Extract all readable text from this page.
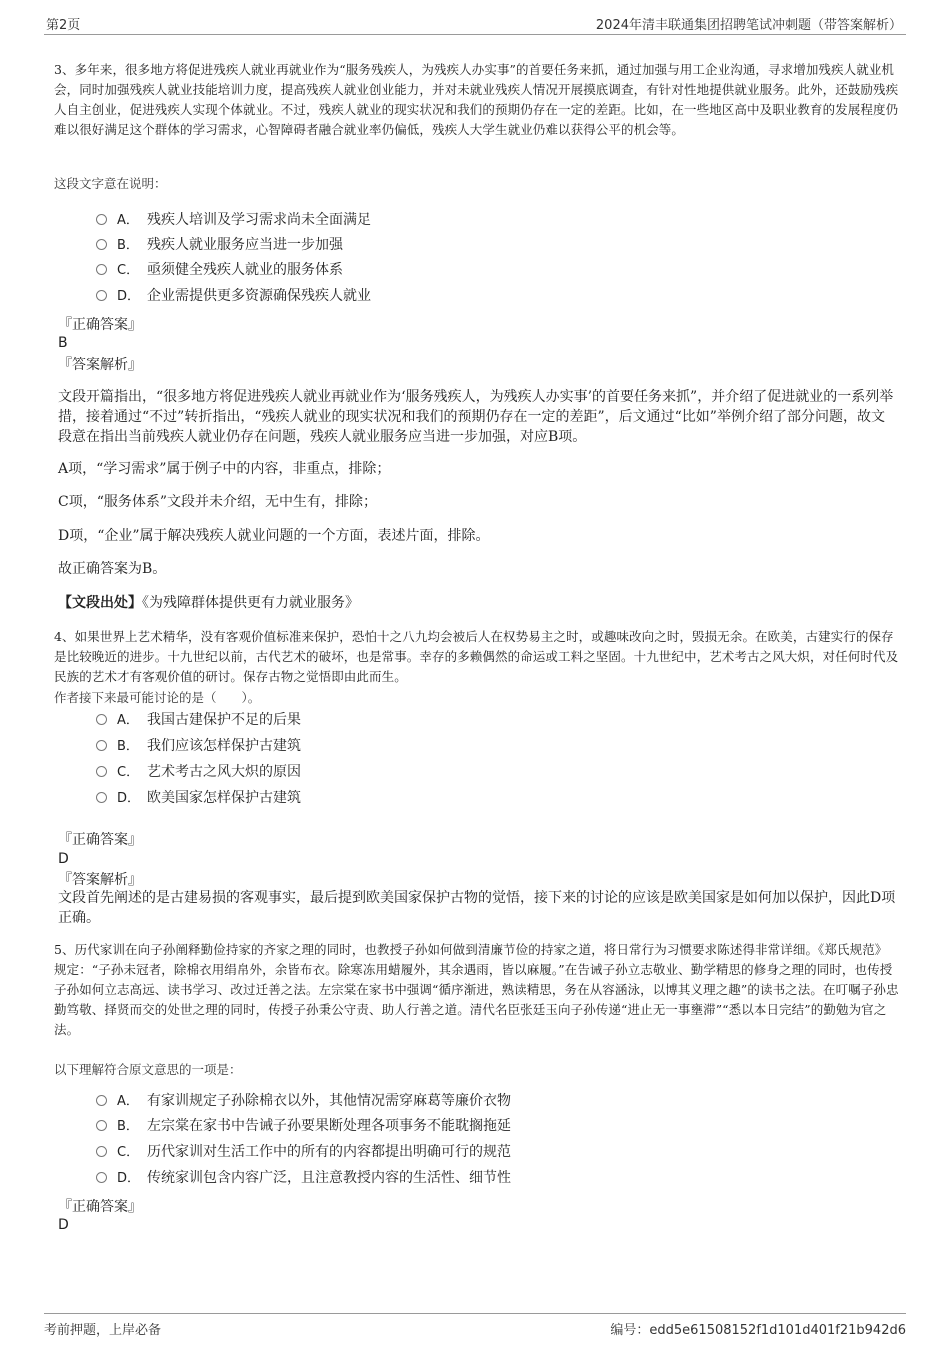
第2页	2024年清丰联通集团招聘笔试冲刺题（带答案解析）
3、多年来，很多地方将促进残疾人就业再就业作为“服务残疾人，为残疾人办实事”的首要任务来抓，通过加强与用工企业沟通，寻求增加残疾人就业机会，同时加强残疾人就业技能培训力度，提高残疾人就业创业能力，并对未就业残疾人情况开展摸底调查，有针对性地提供就业服务。此外，还鼓励残疾人自主创业，促进残疾人实现个体就业。不过，残疾人就业的现实状况和我们的预期仍存在一定的差距。比如，在一些地区高中及职业教育的发展程度仍难以很好满足这个群体的学习需求，心智障碍者融合就业率仍偏低，残疾人大学生就业仍难以获得公平的机会等。
这段文字意在说明：
A． 残疾人培训及学习需求尚未全面满足
B． 残疾人就业服务应当进一步加强
C． 亟须健全残疾人就业的服务体系
D． 企业需提供更多资源确保残疾人就业
『正确答案』
B
『答案解析』
文段开篇指出，“很多地方将促进残疾人就业再就业作为‘服务残疾人，为残疾人办实事’的首要任务来抓”，并介绍了促进就业的一系列举措，接着通过“不过”转折指出，“残疾人就业的现实状况和我们的预期仍存在一定的差距”，后文通过“比如”举例介绍了部分问题，故文段意在指出当前残疾人就业仍存在问题，残疾人就业服务应当进一步加强，对应B项。
A项，“学习需求”属于例子中的内容，非重点，排除；
C项，“服务体系”文段并未介绍，无中生有，排除；
D项，“企业”属于解决残疾人就业问题的一个方面，表述片面，排除。
故正确答案为B。
【文段出处】《为残障群体提供更有力就业服务》
4、如果世界上艺术精华，没有客观价值标准来保护，恐怕十之八九均会被后人在权势易主之时，或趣味改向之时，毁损无余。在欧美，古建实行的保存是比较晚近的进步。十九世纪以前，古代艺术的破坏，也是常事。幸存的多赖偶然的命运或工料之坚固。十九世纪中，艺术考古之风大炽，对任何时代及民族的艺术才有客观价值的研讨。保存古物之觉悟即由此而生。
作者接下来最可能讨论的是（　　）。
A． 我国古建保护不足的后果
B． 我们应该怎样保护古建筑
C． 艺术考古之风大炽的原因
D． 欧美国家怎样保护古建筑
『正确答案』
D
『答案解析』
文段首先阐述的是古建易损的客观事实，最后提到欧美国家保护古物的觉悟，接下来的讨论的应该是欧美国家是如何加以保护，因此D项正确。
5、历代家训在向子孙阐释勤俭持家的齐家之理的同时，也教授子孙如何做到清廉节俭的持家之道，将日常行为习惯要求陈述得非常详细。《郑氏规范》规定：“子孙未冠者，除棉衣用绢帛外，余皆布衣。除寒冻用蜡履外，其余遇雨，皆以麻履。”在告诫子孙立志敬业、勤学精思的修身之理的同时，也传授子孙如何立志高远、读书学习、改过迁善之法。左宗棠在家书中强调“循序渐进，熟读精思，务在从容涵泳，以博其义理之趣”的读书之法。在叮嘱子孙忠勤笃敬、择贤而交的处世之理的同时，传授子孙秉公守责、助人行善之道。清代名臣张廷玉向子孙传递“进止无一事壅滞”“悉以本日完结”的勤勉为官之法。
以下理解符合原文意思的一项是：
A． 有家训规定子孙除棉衣以外，其他情况需穿麻葛等廉价衣物
B． 左宗棠在家书中告诫子孙要果断处理各项事务不能耽搁拖延
C． 历代家训对生活工作中的所有的内容都提出明确可行的规范
D． 传统家训包含内容广泛，且注意教授内容的生活性、细节性
『正确答案』
D
考前押题，上岸必备	编号：edd5e61508152f1d101d401f21b942d6
